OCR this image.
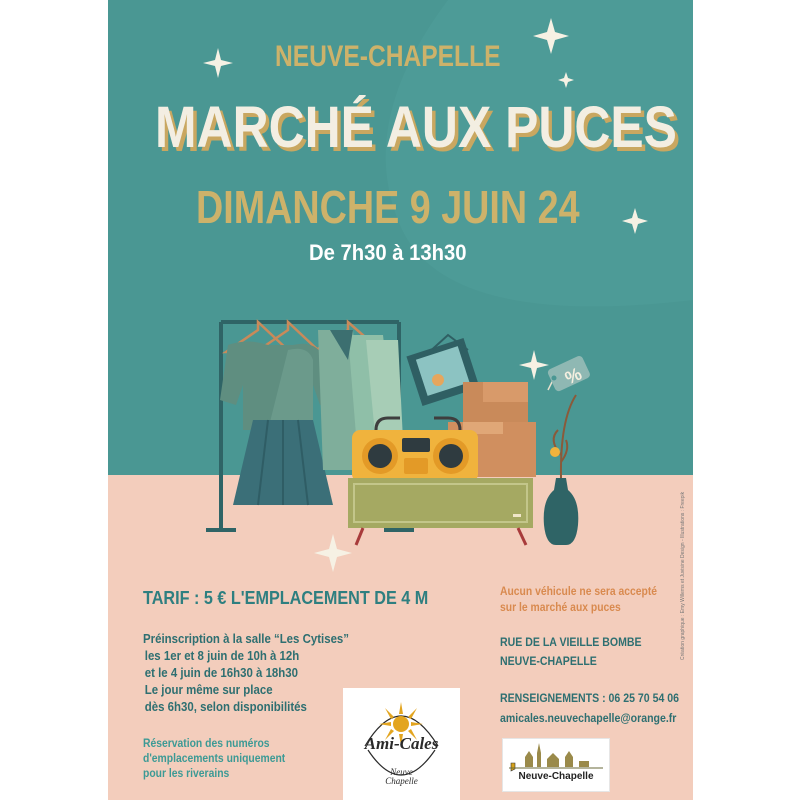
%
NEUVE-CHAPELLE
MARCHÉ AUX PUCES
DIMANCHE 9 JUIN 24
De 7h30 à 13h30
TARIF : 5 € L'EMPLACEMENT DE 4 M
Préinscription à la salle “Les Cytises”
les 1er et 8 juin de 10h à 12h
et le 4 juin de 16h30 à 18h30
Le jour même sur place
dès 6h30, selon disponibilités
Réservation des numéros
d'emplacements uniquement
pour les riverains
Aucun véhicule ne sera accepté
sur le marché aux puces
RUE DE LA VIEILLE BOMBE
NEUVE-CHAPELLE
RENSEIGNEMENTS : 06 25 70 54 06
amicales.neuvechapelle@orange.fr
Ami-Cales
Neuve
Chapelle	Neuve-Chapelle
Création graphique : Emy Willems et Juvisine Design - Illustrations : Freepik
